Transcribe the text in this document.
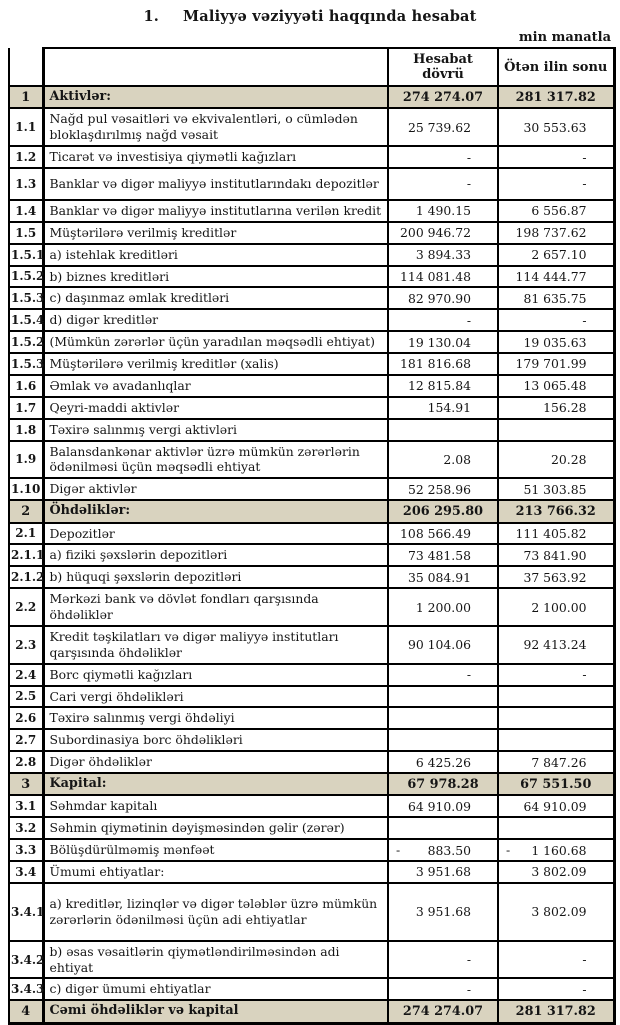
1. Maliyyə vəziyyəti haqqında hesabat
min manatla
		Hesabat dövrü	Ötən ilin sonu
1	Aktivlər:	274 274.07	281 317.82
1.1	Nağd pul vəsaitləri və ekvivalentləri, o cümlədən bloklaşdırılmış nağd vəsait	25 739.62	30 553.63
1.2	Ticarət və investisiya qiymətli kağızları	-	-
1.3	Banklar və digər maliyyə institutlarındakı depozitlər	-	-
1.4	Banklar və digər maliyyə institutlarına verilən kredit	1 490.15	6 556.87
1.5	Müştərilərə verilmiş kreditlər	200 946.72	198 737.62
1.5.1	a) istehlak kreditləri	3 894.33	2 657.10
1.5.2	b) biznes kreditləri	114 081.48	114 444.77
1.5.3	c) daşınmaz əmlak kreditləri	82 970.90	81 635.75
1.5.4	d) digər kreditlər	-	-
1.5.2	(Mümkün zərərlər üçün yaradılan məqsədli ehtiyat)	19 130.04	19 035.63
1.5.3	Müştərilərə verilmiş kreditlər (xalis)	181 816.68	179 701.99
1.6	Əmlak və avadanlıqlar	12 815.84	13 065.48
1.7	Qeyri-maddi aktivlər	154.91	156.28
1.8	Təxirə salınmış vergi aktivləri		
1.9	Balansdankənar aktivlər üzrə mümkün zərərlərin ödənilməsi üçün məqsədli ehtiyat	2.08	20.28
1.10	Digər aktivlər	52 258.96	51 303.85
2	Öhdəliklər:	206 295.80	213 766.32
2.1	Depozitlər	108 566.49	111 405.82
2.1.1	a) fiziki şəxslərin depozitləri	73 481.58	73 841.90
2.1.2	b) hüquqi şəxslərin depozitləri	35 084.91	37 563.92
2.2	Mərkəzi bank və dövlət fondları qarşısında öhdəliklər	1 200.00	2 100.00
2.3	Kredit təşkilatları və digər maliyyə institutları qarşısında öhdəliklər	90 104.06	92 413.24
2.4	Borc qiymətli kağızları	-	-
2.5	Cari vergi öhdəlikləri		
2.6	Təxirə salınmış vergi öhdəliyi		
2.7	Subordinasiya borc öhdəlikləri		
2.8	Digər öhdəliklər	6 425.26	7 847.26
3	Kapital:	67 978.28	67 551.50
3.1	Səhmdar kapitalı	64 910.09	64 910.09
3.2	Səhmin qiymətinin dəyişməsindən gəlir (zərər)		
3.3	Bölüşdürülməmiş mənfəət	- 883.50	- 1 160.68
3.4	Ümumi ehtiyatlar:	3 951.68	3 802.09
3.4.1	a) kreditlər, lizinqlər və digər tələblər üzrə mümkün zərərlərin ödənilməsi üçün adi ehtiyatlar	3 951.68	3 802.09
3.4.2	b) əsas vəsaitlərin qiymətləndirilməsindən adi ehtiyat	-	-
3.4.3	c) digər ümumi ehtiyatlar	-	-
4	Cəmi öhdəliklər və kapital	274 274.07	281 317.82
